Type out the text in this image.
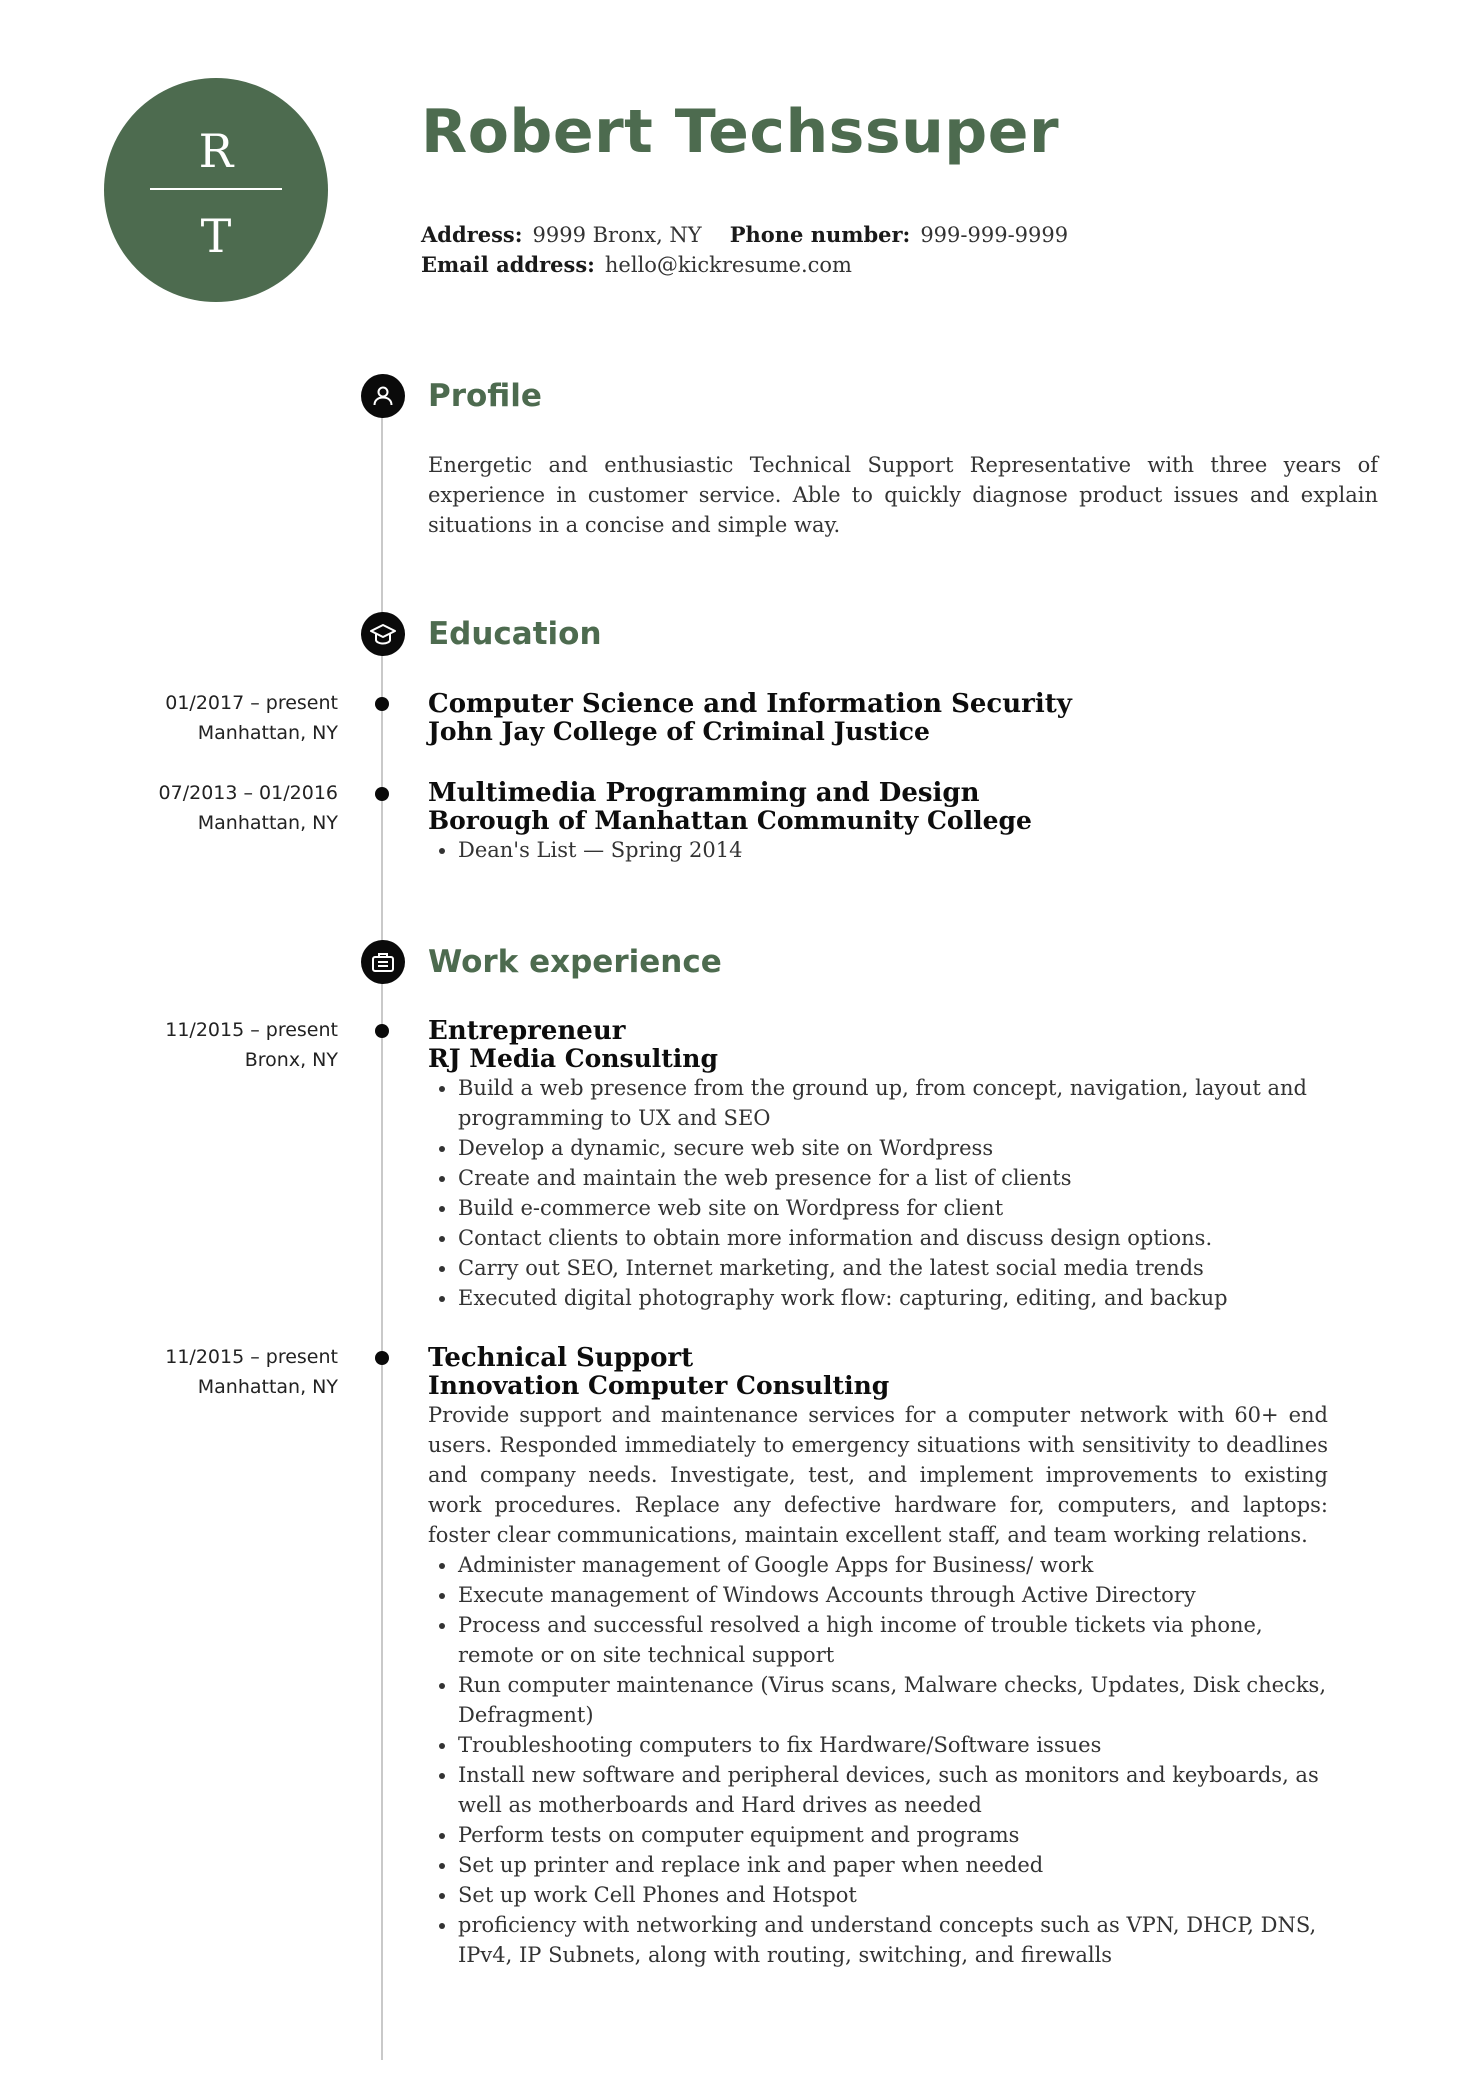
R
T
Robert Techssuper
Address: 9999 Bronx, NY Phone number: 999-999-9999
Email address: hello@kickresume.com
Profile

Energetic and enthusiastic Technical Support Representative with three years of experience in customer service. Able to quickly diagnose product issues and explain situations in a concise and simple way.

Education
01/2017 – present
Manhattan, NY
Computer Science and Information Security
John Jay College of Criminal Justice
07/2013 – 01/2016
Manhattan, NY
Multimedia Programming and Design
Borough of Manhattan Community College
• Dean's List — Spring 2014
Work experience
11/2015 – present
Bronx, NY
Entrepreneur
RJ Media Consulting
• Build a web presence from the ground up, from concept, navigation, layout and programming to UX and SEO
• Develop a dynamic, secure web site on Wordpress
• Create and maintain the web presence for a list of clients
• Build e-commerce web site on Wordpress for client
• Contact clients to obtain more information and discuss design options.
• Carry out SEO, Internet marketing, and the latest social media trends
• Executed digital photography work flow: capturing, editing, and backup
11/2015 – present
Manhattan, NY
Technical Support
Innovation Computer Consulting

Provide support and maintenance services for a computer network with 60+ end users. Responded immediately to emergency situations with sensitivity to deadlines and company needs. Investigate, test, and implement improvements to existing work procedures. Replace any defective hardware for, computers, and laptops: foster clear communications, maintain excellent staff, and team working relations.

• Administer management of Google Apps for Business/ work
• Execute management of Windows Accounts through Active Directory
• Process and successful resolved a high income of trouble tickets via phone, remote or on site technical support
• Run computer maintenance (Virus scans, Malware checks, Updates, Disk checks, Defragment)
• Troubleshooting computers to fix Hardware/Software issues
• Install new software and peripheral devices, such as monitors and keyboards, as well as motherboards and Hard drives as needed
• Perform tests on computer equipment and programs
• Set up printer and replace ink and paper when needed
• Set up work Cell Phones and Hotspot
• proficiency with networking and understand concepts such as VPN, DHCP, DNS, IPv4, IP Subnets, along with routing, switching, and firewalls
